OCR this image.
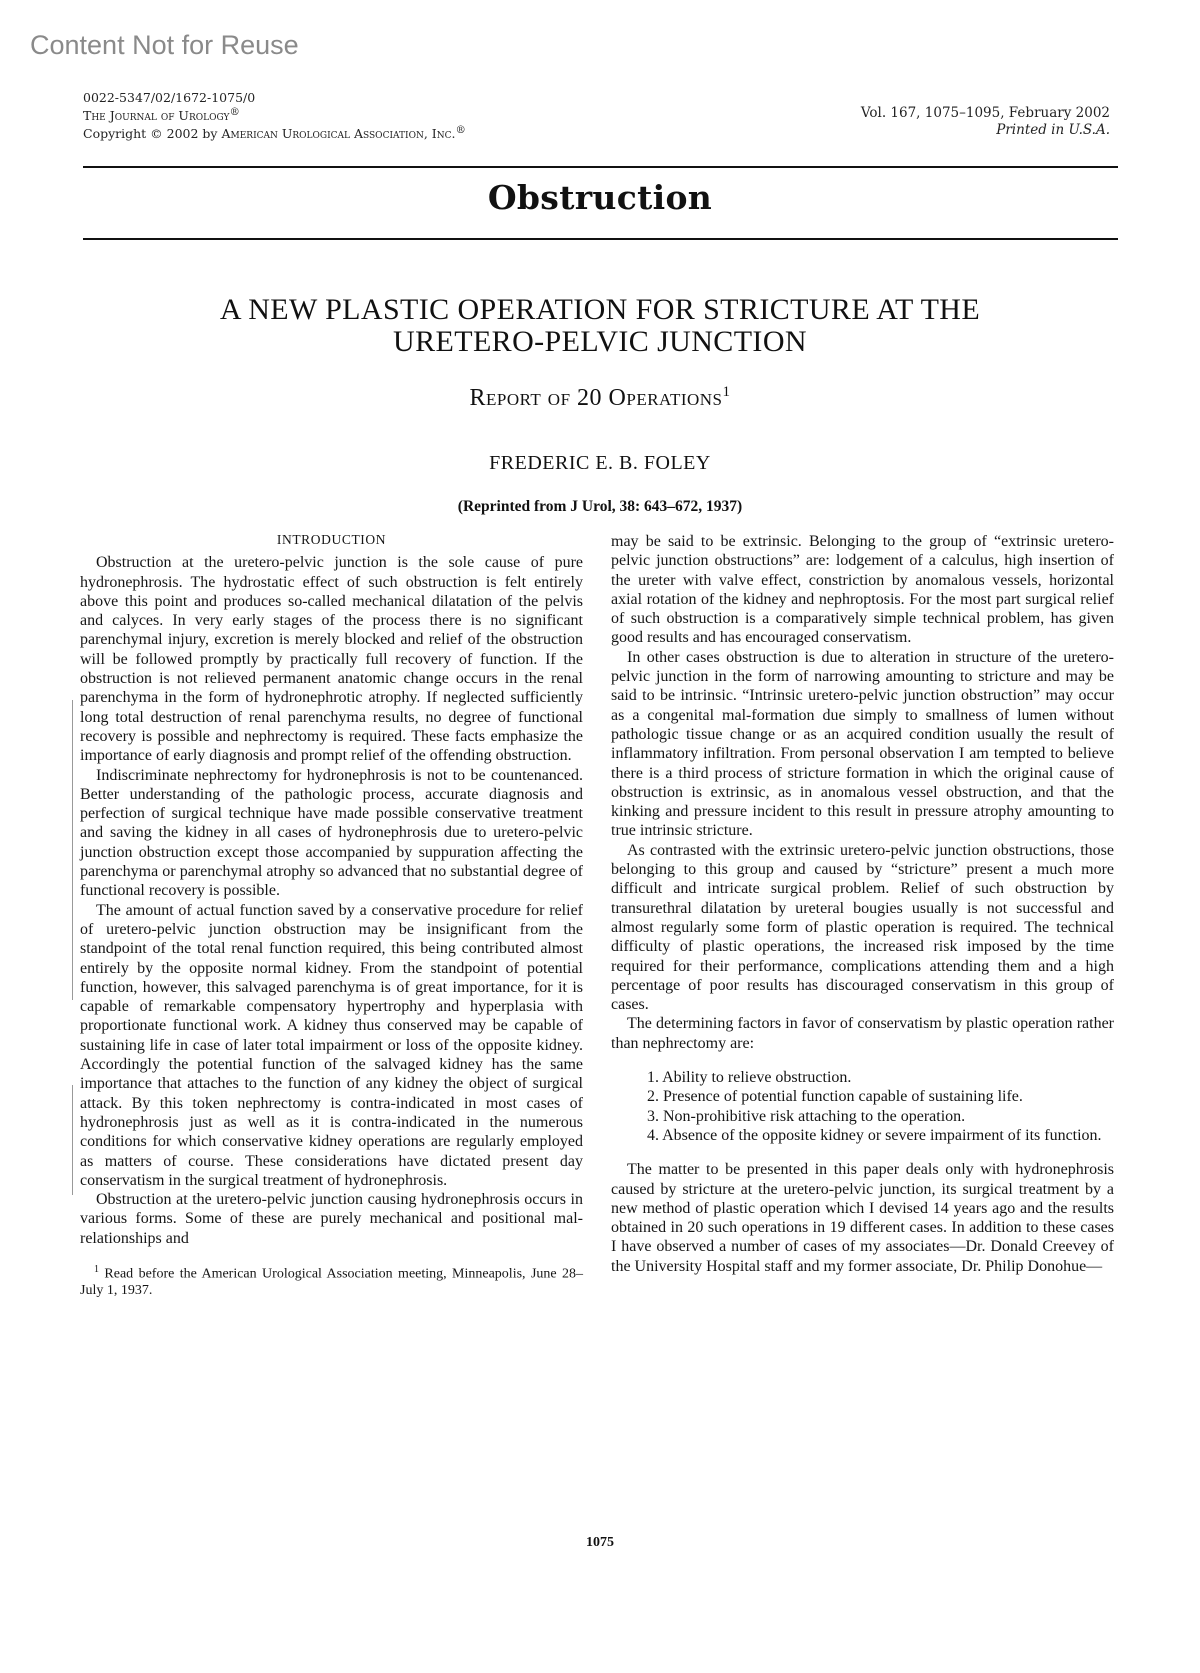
Content Not for Reuse
0022-5347/02/1672-1075/0
The Journal of Urology®
Copyright © 2002 by American Urological Association, Inc.®
Vol. 167, 1075–1095, February 2002
Printed in U.S.A.
Obstruction
A NEW PLASTIC OPERATION FOR STRICTURE AT THE URETERO-PELVIC JUNCTION
Report of 20 Operations$^1$
FREDERIC E. B. FOLEY
(Reprinted from J Urol, 38: 643–672, 1937)
INTRODUCTION

Obstruction at the uretero-pelvic junction is the sole cause of pure hydronephrosis. The hydrostatic effect of such obstruction is felt entirely above this point and produces so-called mechanical dilatation of the pelvis and calyces. In very early stages of the process there is no significant parenchymal injury, excretion is merely blocked and relief of the obstruction will be followed promptly by practically full recovery of function. If the obstruction is not relieved permanent anatomic change occurs in the renal parenchyma in the form of hydronephrotic atrophy. If neglected sufficiently long total destruction of renal parenchyma results, no degree of functional recovery is possible and nephrectomy is required. These facts emphasize the importance of early diagnosis and prompt relief of the offending obstruction.

Indiscriminate nephrectomy for hydronephrosis is not to be countenanced. Better understanding of the pathologic process, accurate diagnosis and perfection of surgical technique have made possible conservative treatment and saving the kidney in all cases of hydronephrosis due to uretero-pelvic junction obstruction except those accompanied by suppuration affecting the parenchyma or parenchymal atrophy so advanced that no substantial degree of functional recovery is possible.

The amount of actual function saved by a conservative procedure for relief of uretero-pelvic junction obstruction may be insignificant from the standpoint of the total renal function required, this being contributed almost entirely by the opposite normal kidney. From the standpoint of potential function, however, this salvaged parenchyma is of great importance, for it is capable of remarkable compensatory hypertrophy and hyperplasia with proportionate functional work. A kidney thus conserved may be capable of sustaining life in case of later total impairment or loss of the opposite kidney. Accordingly the potential function of the salvaged kidney has the same importance that attaches to the function of any kidney the object of surgical attack. By this token nephrectomy is contra-indicated in most cases of hydronephrosis just as well as it is contra-indicated in the numerous conditions for which conservative kidney operations are regularly employed as matters of course. These considerations have dictated present day conservatism in the surgical treatment of hydronephrosis.

Obstruction at the uretero-pelvic junction causing hydronephrosis occurs in various forms. Some of these are purely mechanical and positional mal-relationships and

$^1$ Read before the American Urological Association meeting, Minneapolis, June 28–July 1, 1937.

may be said to be extrinsic. Belonging to the group of “extrinsic uretero-pelvic junction obstructions” are: lodgement of a calculus, high insertion of the ureter with valve effect, constriction by anomalous vessels, horizontal axial rotation of the kidney and nephroptosis. For the most part surgical relief of such obstruction is a comparatively simple technical problem, has given good results and has encouraged conservatism.

In other cases obstruction is due to alteration in structure of the uretero-pelvic junction in the form of narrowing amounting to stricture and may be said to be intrinsic. “Intrinsic uretero-pelvic junction obstruction” may occur as a congenital mal-formation due simply to smallness of lumen without pathologic tissue change or as an acquired condition usually the result of inflammatory infiltration. From personal observation I am tempted to believe there is a third process of stricture formation in which the original cause of obstruction is extrinsic, as in anomalous vessel obstruction, and that the kinking and pressure incident to this result in pressure atrophy amounting to true intrinsic stricture.

As contrasted with the extrinsic uretero-pelvic junction obstructions, those belonging to this group and caused by “stricture” present a much more difficult and intricate surgical problem. Relief of such obstruction by transurethral dilatation by ureteral bougies usually is not successful and almost regularly some form of plastic operation is required. The technical difficulty of plastic operations, the increased risk imposed by the time required for their performance, complications attending them and a high percentage of poor results has discouraged conservatism in this group of cases.

The determining factors in favor of conservatism by plastic operation rather than nephrectomy are:

1. Ability to relieve obstruction.
2. Presence of potential function capable of sustaining life.
3. Non-prohibitive risk attaching to the operation.
4. Absence of the opposite kidney or severe impairment of its function.

The matter to be presented in this paper deals only with hydronephrosis caused by stricture at the uretero-pelvic junction, its surgical treatment by a new method of plastic operation which I devised 14 years ago and the results obtained in 20 such operations in 19 different cases. In addition to these cases I have observed a number of cases of my associates—Dr. Donald Creevey of the University Hospital staff and my former associate, Dr. Philip Donohue—

1075
